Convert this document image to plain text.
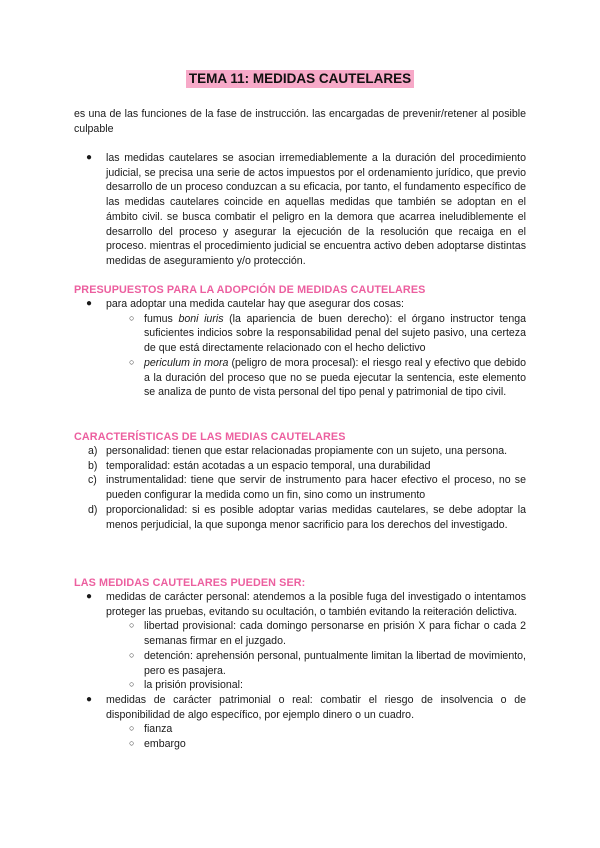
TEMA 11: MEDIDAS CAUTELARES
es una de las funciones de la fase de instrucción. las encargadas de prevenir/retener al posible culpable
● las medidas cautelares se asocian irremediablemente a la duración del procedimiento judicial, se precisa una serie de actos impuestos por el ordenamiento jurídico, que previo desarrollo de un proceso conduzcan a su eficacia, por tanto, el fundamento específico de las medidas cautelares coincide en aquellas medidas que también se adoptan en el ámbito civil. se busca combatir el peligro en la demora que acarrea ineludiblemente el desarrollo del proceso y asegurar la ejecución de la resolución que recaiga en el proceso. mientras el procedimiento judicial se encuentra activo deben adoptarse distintas medidas de aseguramiento y/o protección.
PRESUPUESTOS PARA LA ADOPCIÓN DE MEDIDAS CAUTELARES
● para adoptar una medida cautelar hay que asegurar dos cosas:
○ fumus boni iuris (la apariencia de buen derecho): el órgano instructor tenga suficientes indicios sobre la responsabilidad penal del sujeto pasivo, una certeza de que está directamente relacionado con el hecho delictivo
○ periculum in mora (peligro de mora procesal): el riesgo real y efectivo que debido a la duración del proceso que no se pueda ejecutar la sentencia, este elemento se analiza de punto de vista personal del tipo penal y patrimonial de tipo civil.
CARACTERÍSTICAS DE LAS MEDIAS CAUTELARES
a) personalidad: tienen que estar relacionadas propiamente con un sujeto, una persona.
b) temporalidad: están acotadas a un espacio temporal, una durabilidad
c) instrumentalidad: tiene que servir de instrumento para hacer efectivo el proceso, no se pueden configurar la medida como un fin, sino como un instrumento
d) proporcionalidad: si es posible adoptar varias medidas cautelares, se debe adoptar la menos perjudicial, la que suponga menor sacrificio para los derechos del investigado.
LAS MEDIDAS CAUTELARES PUEDEN SER:
● medidas de carácter personal: atendemos a la posible fuga del investigado o intentamos proteger las pruebas, evitando su ocultación, o también evitando la reiteración delictiva.
○ libertad provisional: cada domingo personarse en prisión X para fichar o cada 2 semanas firmar en el juzgado.
○ detención: aprehensión personal, puntualmente limitan la libertad de movimiento, pero es pasajera.
○ la prisión provisional:
● medidas de carácter patrimonial o real: combatir el riesgo de insolvencia o de disponibilidad de algo específico, por ejemplo dinero o un cuadro.
○ fianza
○ embargo
